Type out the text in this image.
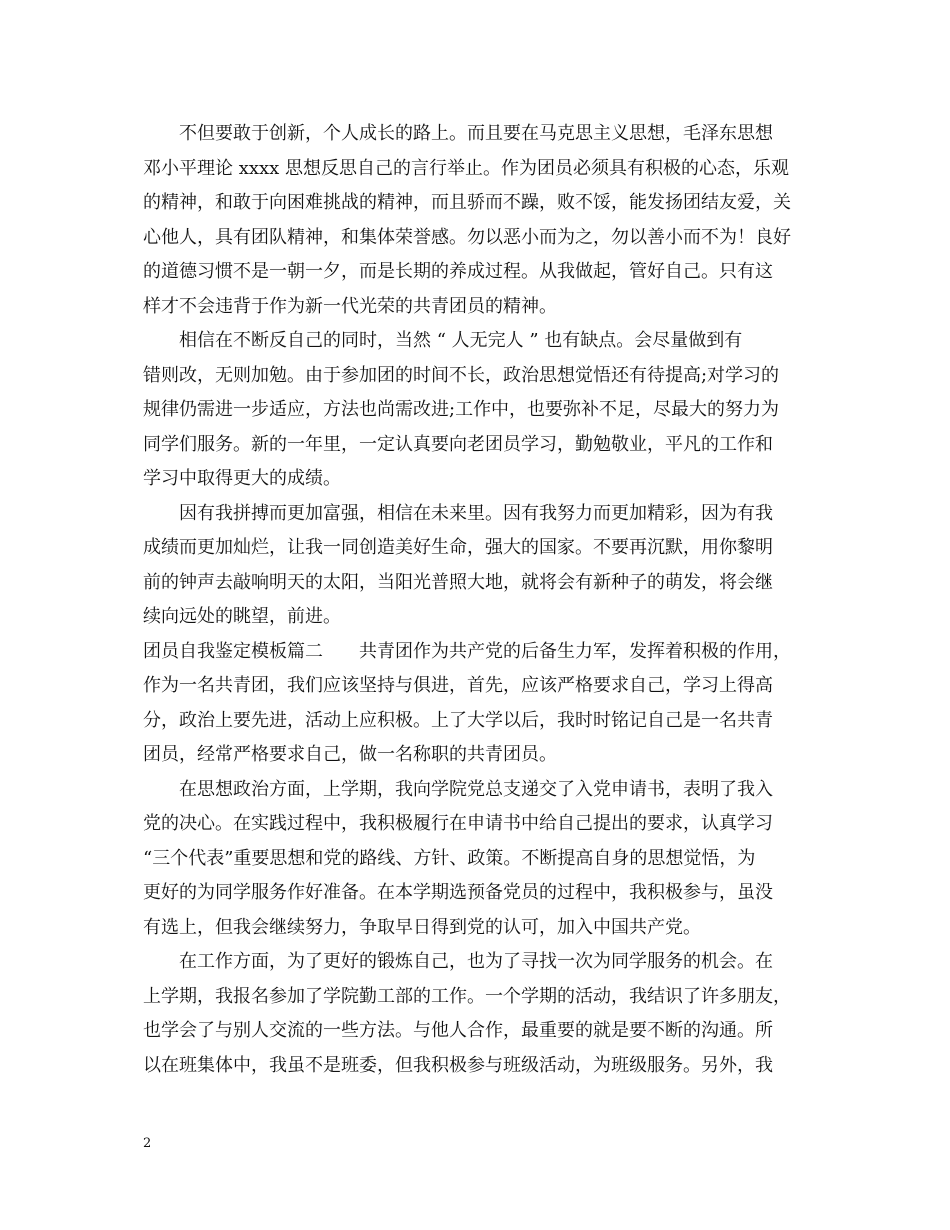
　　不但要敢于创新，个人成长的路上。而且要在马克思主义思想，毛泽东思想
邓小平理论 xxxx 思想反思自己的言行举止。作为团员必须具有积极的心态，乐观
的精神，和敢于向困难挑战的精神，而且骄而不躁，败不馁，能发扬团结友爱，关
心他人，具有团队精神，和集体荣誉感。勿以恶小而为之，勿以善小而不为！良好
的道德习惯不是一朝一夕，而是长期的养成过程。从我做起，管好自己。只有这
样才不会违背于作为新一代光荣的共青团员的精神。
　　相信在不断反自己的同时，当然 “ 人无完人 ” 也有缺点。会尽量做到有
错则改，无则加勉。由于参加团的时间不长，政治思想觉悟还有待提高;对学习的
规律仍需进一步适应，方法也尚需改进;工作中，也要弥补不足，尽最大的努力为
同学们服务。新的一年里，一定认真要向老团员学习，勤勉敬业，平凡的工作和
学习中取得更大的成绩。
　　因有我拼搏而更加富强，相信在未来里。因有我努力而更加精彩，因为有我
成绩而更加灿烂，让我一同创造美好生命，强大的国家。不要再沉默，用你黎明
前的钟声去敲响明天的太阳，当阳光普照大地，就将会有新种子的萌发，将会继
续向远处的眺望，前进。
团员自我鉴定模板篇二　　共青团作为共产党的后备生力军，发挥着积极的作用，
作为一名共青团，我们应该坚持与俱进，首先，应该严格要求自己，学习上得高
分，政治上要先进，活动上应积极。上了大学以后，我时时铭记自己是一名共青
团员，经常严格要求自己，做一名称职的共青团员。
　　在思想政治方面，上学期，我向学院党总支递交了入党申请书，表明了我入
党的决心。在实践过程中，我积极履行在申请书中给自己提出的要求，认真学习
“三个代表”重要思想和党的路线、方针、政策。不断提高自身的思想觉悟，为
更好的为同学服务作好准备。在本学期选预备党员的过程中，我积极参与，虽没
有选上，但我会继续努力，争取早日得到党的认可，加入中国共产党。
　　在工作方面，为了更好的锻炼自己，也为了寻找一次为同学服务的机会。在
上学期，我报名参加了学院勤工部的工作。一个学期的活动，我结识了许多朋友，
也学会了与别人交流的一些方法。与他人合作，最重要的就是要不断的沟通。所
以在班集体中，我虽不是班委，但我积极参与班级活动，为班级服务。另外，我
2
